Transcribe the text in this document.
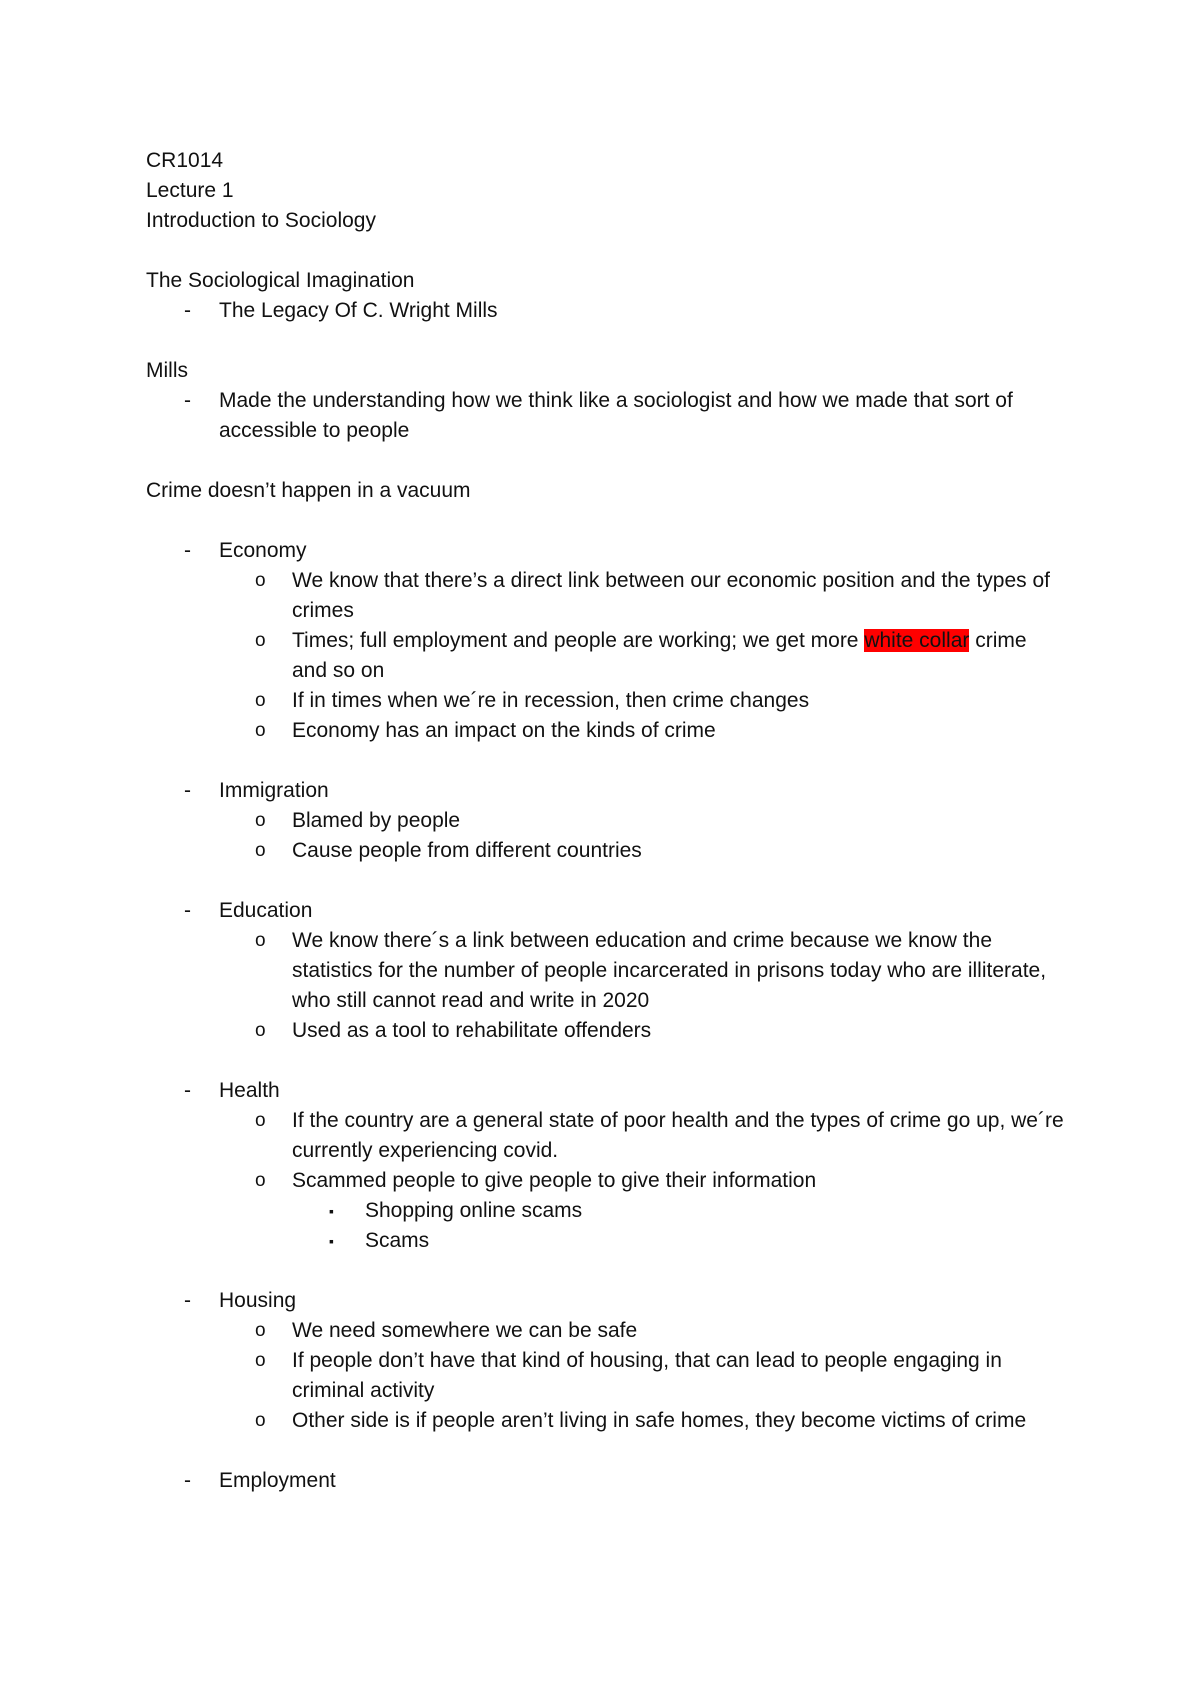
CR1014
Lecture 1
Introduction to Sociology
The Sociological Imagination
- The Legacy Of C. Wright Mills
Mills
- Made the understanding how we think like a sociologist and how we made that sort of accessible to people
Crime doesn’t happen in a vacuum
- Economy
o We know that there’s a direct link between our economic position and the types of crimes
o Times; full employment and people are working; we get more white collar crime and so on
o If in times when we´re in recession, then crime changes
o Economy has an impact on the kinds of crime
- Immigration
o Blamed by people
o Cause people from different countries
- Education
o We know there´s a link between education and crime because we know the statistics for the number of people incarcerated in prisons today who are illiterate, who still cannot read and write in 2020
o Used as a tool to rehabilitate offenders
- Health
o If the country are a general state of poor health and the types of crime go up, we´re currently experiencing covid.
o Scammed people to give people to give their information
▪ Shopping online scams
▪ Scams
- Housing
o We need somewhere we can be safe
o If people don’t have that kind of housing, that can lead to people engaging in criminal activity
o Other side is if people aren’t living in safe homes, they become victims of crime
- Employment
